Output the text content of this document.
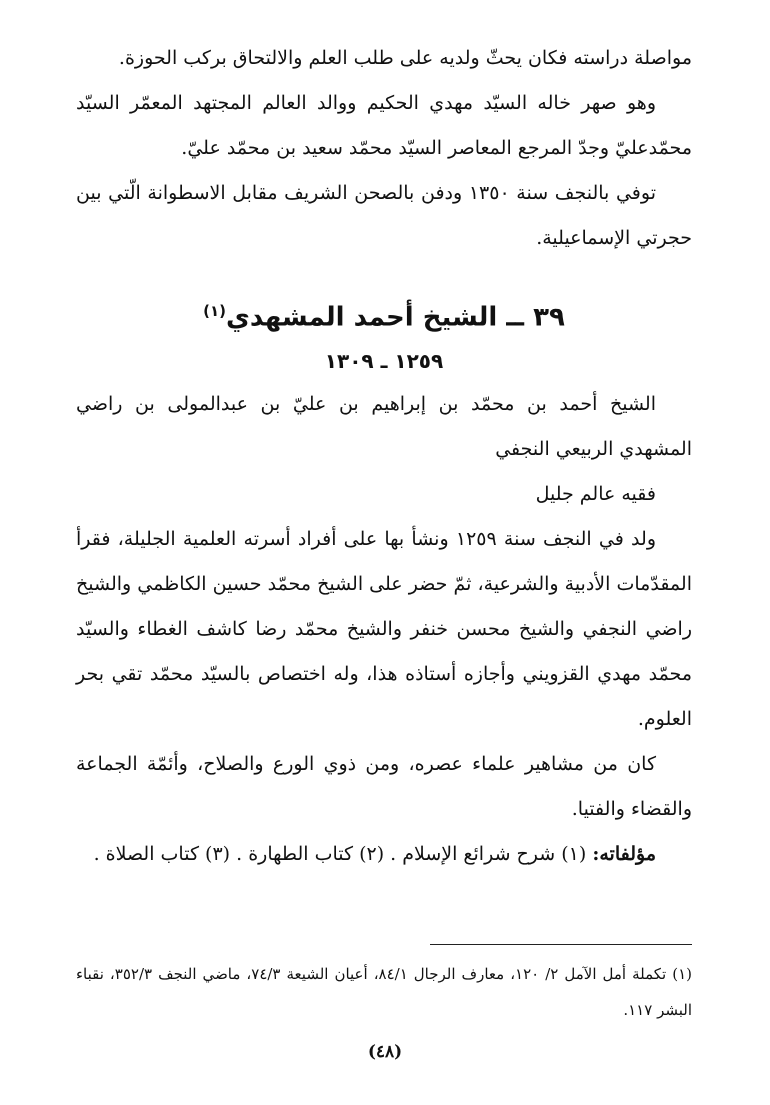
مواصلة دراسته فكان يحثّ ولديه على طلب العلم والالتحاق بركب الحوزة.

وهو صهر خاله السيّد مهدي الحكيم ووالد العالم المجتهد المعمّر السيّد محمّدعليّ وجدّ المرجع المعاصر السيّد محمّد سعيد بن محمّد عليّ.

توفي بالنجف سنة ١٣٥٠ ودفن بالصحن الشريف مقابل الاسطوانة الّتي بين حجرتي الإسماعيلية.

٣٩ ــ الشيخ أحمد المشهدي$^{(١)}$
١٢٥٩ ـ ١٣٠٩

الشيخ أحمد بن محمّد بن إبراهيم بن عليّ بن عبدالمولى بن راضي المشهدي الربيعي النجفي

فقيه عالم جليل

ولد في النجف سنة ١٢٥٩ ونشأ بها على أفراد أسرته العلمية الجليلة، فقرأ المقدّمات الأدبية والشرعية، ثمّ حضر على الشيخ محمّد حسين الكاظمي والشيخ راضي النجفي والشيخ محسن خنفر والشيخ محمّد رضا كاشف الغطاء والسيّد محمّد مهدي القزويني وأجازه أستاذه هذا، وله اختصاص بالسيّد محمّد تقي بحر العلوم.

كان من مشاهير علماء عصره، ومن ذوي الورع والصلاح، وأئمّة الجماعة والقضاء والفتيا.

مؤلفاته: (١) شرح شرائع الإسلام . (٢) كتاب الطهارة . (٣) كتاب الصلاة .

(١) تكملة أمل الآمل ٢/ ١٢٠، معارف الرجال ٨٤/١، أعيان الشيعة ٧٤/٣، ماضي النجف ٣٥٢/٣، نقباء البشر ١١٧.

(٤٨)
